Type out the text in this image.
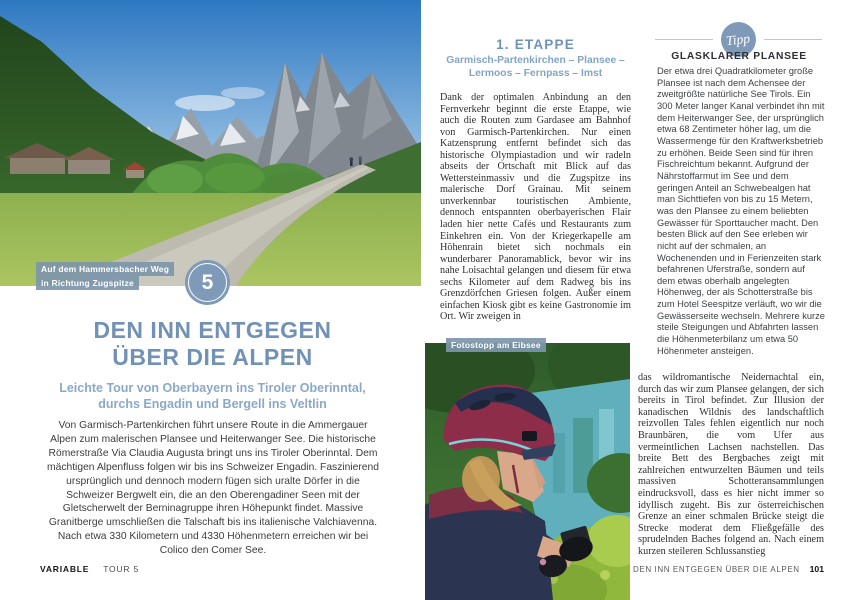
Auf dem Hammersbacher Weg
in Richtung Zugspitze	5
DEN INN ENTGEGEN
ÜBER DIE ALPEN
Leichte Tour von Oberbayern ins Tiroler Oberinntal,
durchs Engadin und Bergell ins Veltlin
Von Garmisch-Partenkirchen führt unsere Route in die Ammergauer Alpen zum malerischen Plansee und Heiterwanger See. Die historische Römerstraße Via Claudia Augusta bringt uns ins Tiroler Oberinntal. Dem mächtigen Alpenfluss folgen wir bis ins Schweizer Engadin. Faszinierend ursprünglich und dennoch modern fügen sich uralte Dörfer in die Schweizer Bergwelt ein, die an den Oberengadiner Seen mit der Gletscherwelt der Berninagruppe ihren Höhepunkt findet. Massive Granitberge umschließen die Talschaft bis ins italienische Valchiavenna. Nach etwa 330 Kilometern und 4330 Höhenmetern erreichen wir bei Colico den Comer See.
VARIABLE TOUR 5
1. ETAPPE
Garmisch-Partenkirchen – Plansee –
Lermoos – Fernpass – Imst
Dank der optimalen Anbindung an den Fernverkehr beginnt die erste Etappe, wie auch die Routen zum Gardasee am Bahnhof von Garmisch-Partenkirchen. Nur einen Katzensprung entfernt befindet sich das historische Olympiastadion und wir radeln abseits der Ortschaft mit Blick auf das Wettersteinmassiv und die Zugspitze ins malerische Dorf Grainau. Mit seinem unverkennbar touristischen Ambiente, dennoch entspannten oberbayerischen Flair laden hier nette Cafés und Restaurants zum Einkehren ein. Von der Kriegerkapelle am Höhenrain bietet sich nochmals ein wunderbarer Panoramablick, bevor wir ins nahe Loisachtal gelangen und diesem für etwa sechs Kilometer auf dem Radweg bis ins Grenzdörfchen Griesen folgen. Außer einem einfachen Kiosk gibt es keine Gastronomie im Ort. Wir zweigen in
Fotostopp am Eibsee
Tipp
GLASKLARER PLANSEE
Der etwa drei Quadratkilometer große Plansee ist nach dem Achensee der zweitgrößte natürliche See Tirols. Ein 300 Meter langer Kanal verbindet ihn mit dem Heiterwanger See, der ursprünglich etwa 68 Zentimeter höher lag, um die Wassermenge für den Kraftwerksbetrieb zu erhöhen. Beide Seen sind für ihren Fischreichtum bekannt. Aufgrund der Nährstoffarmut im See und dem geringen Anteil an Schwebealgen hat man Sichttiefen von bis zu 15 Metern, was den Plansee zu einem beliebten Gewässer für Sporttaucher macht. Den besten Blick auf den See erleben wir nicht auf der schmalen, an Wochenenden und in Ferienzeiten stark befahrenen Uferstraße, sondern auf dem etwas oberhalb angelegten Höhenweg, der als Schotterstraße bis zum Hotel Seespitze verläuft, wo wir die Gewässerseite wechseln. Mehrere kurze steile Steigungen und Abfahrten lassen die Höhenmeterbilanz um etwa 50 Höhenmeter ansteigen.
das wildromantische Neidernachtal ein, durch das wir zum Plansee gelangen, der sich bereits in Tirol befindet. Zur Illusion der kanadischen Wildnis des landschaftlich reizvollen Tales fehlen eigentlich nur noch Braunbären, die vom Ufer aus vermeintlichen Lachsen nachstellen. Das breite Bett des Bergbaches zeigt mit zahlreichen entwurzelten Bäumen und teils massiven Schotteransammlungen eindrucksvoll, dass es hier nicht immer so idyllisch zugeht. Bis zur österreichischen Grenze an einer schmalen Brücke steigt die Strecke moderat dem Fließgefälle des sprudelnden Baches folgend an. Nach einem kurzen steileren Schlussanstieg
DEN INN ENTGEGEN ÜBER DIE ALPEN 101
